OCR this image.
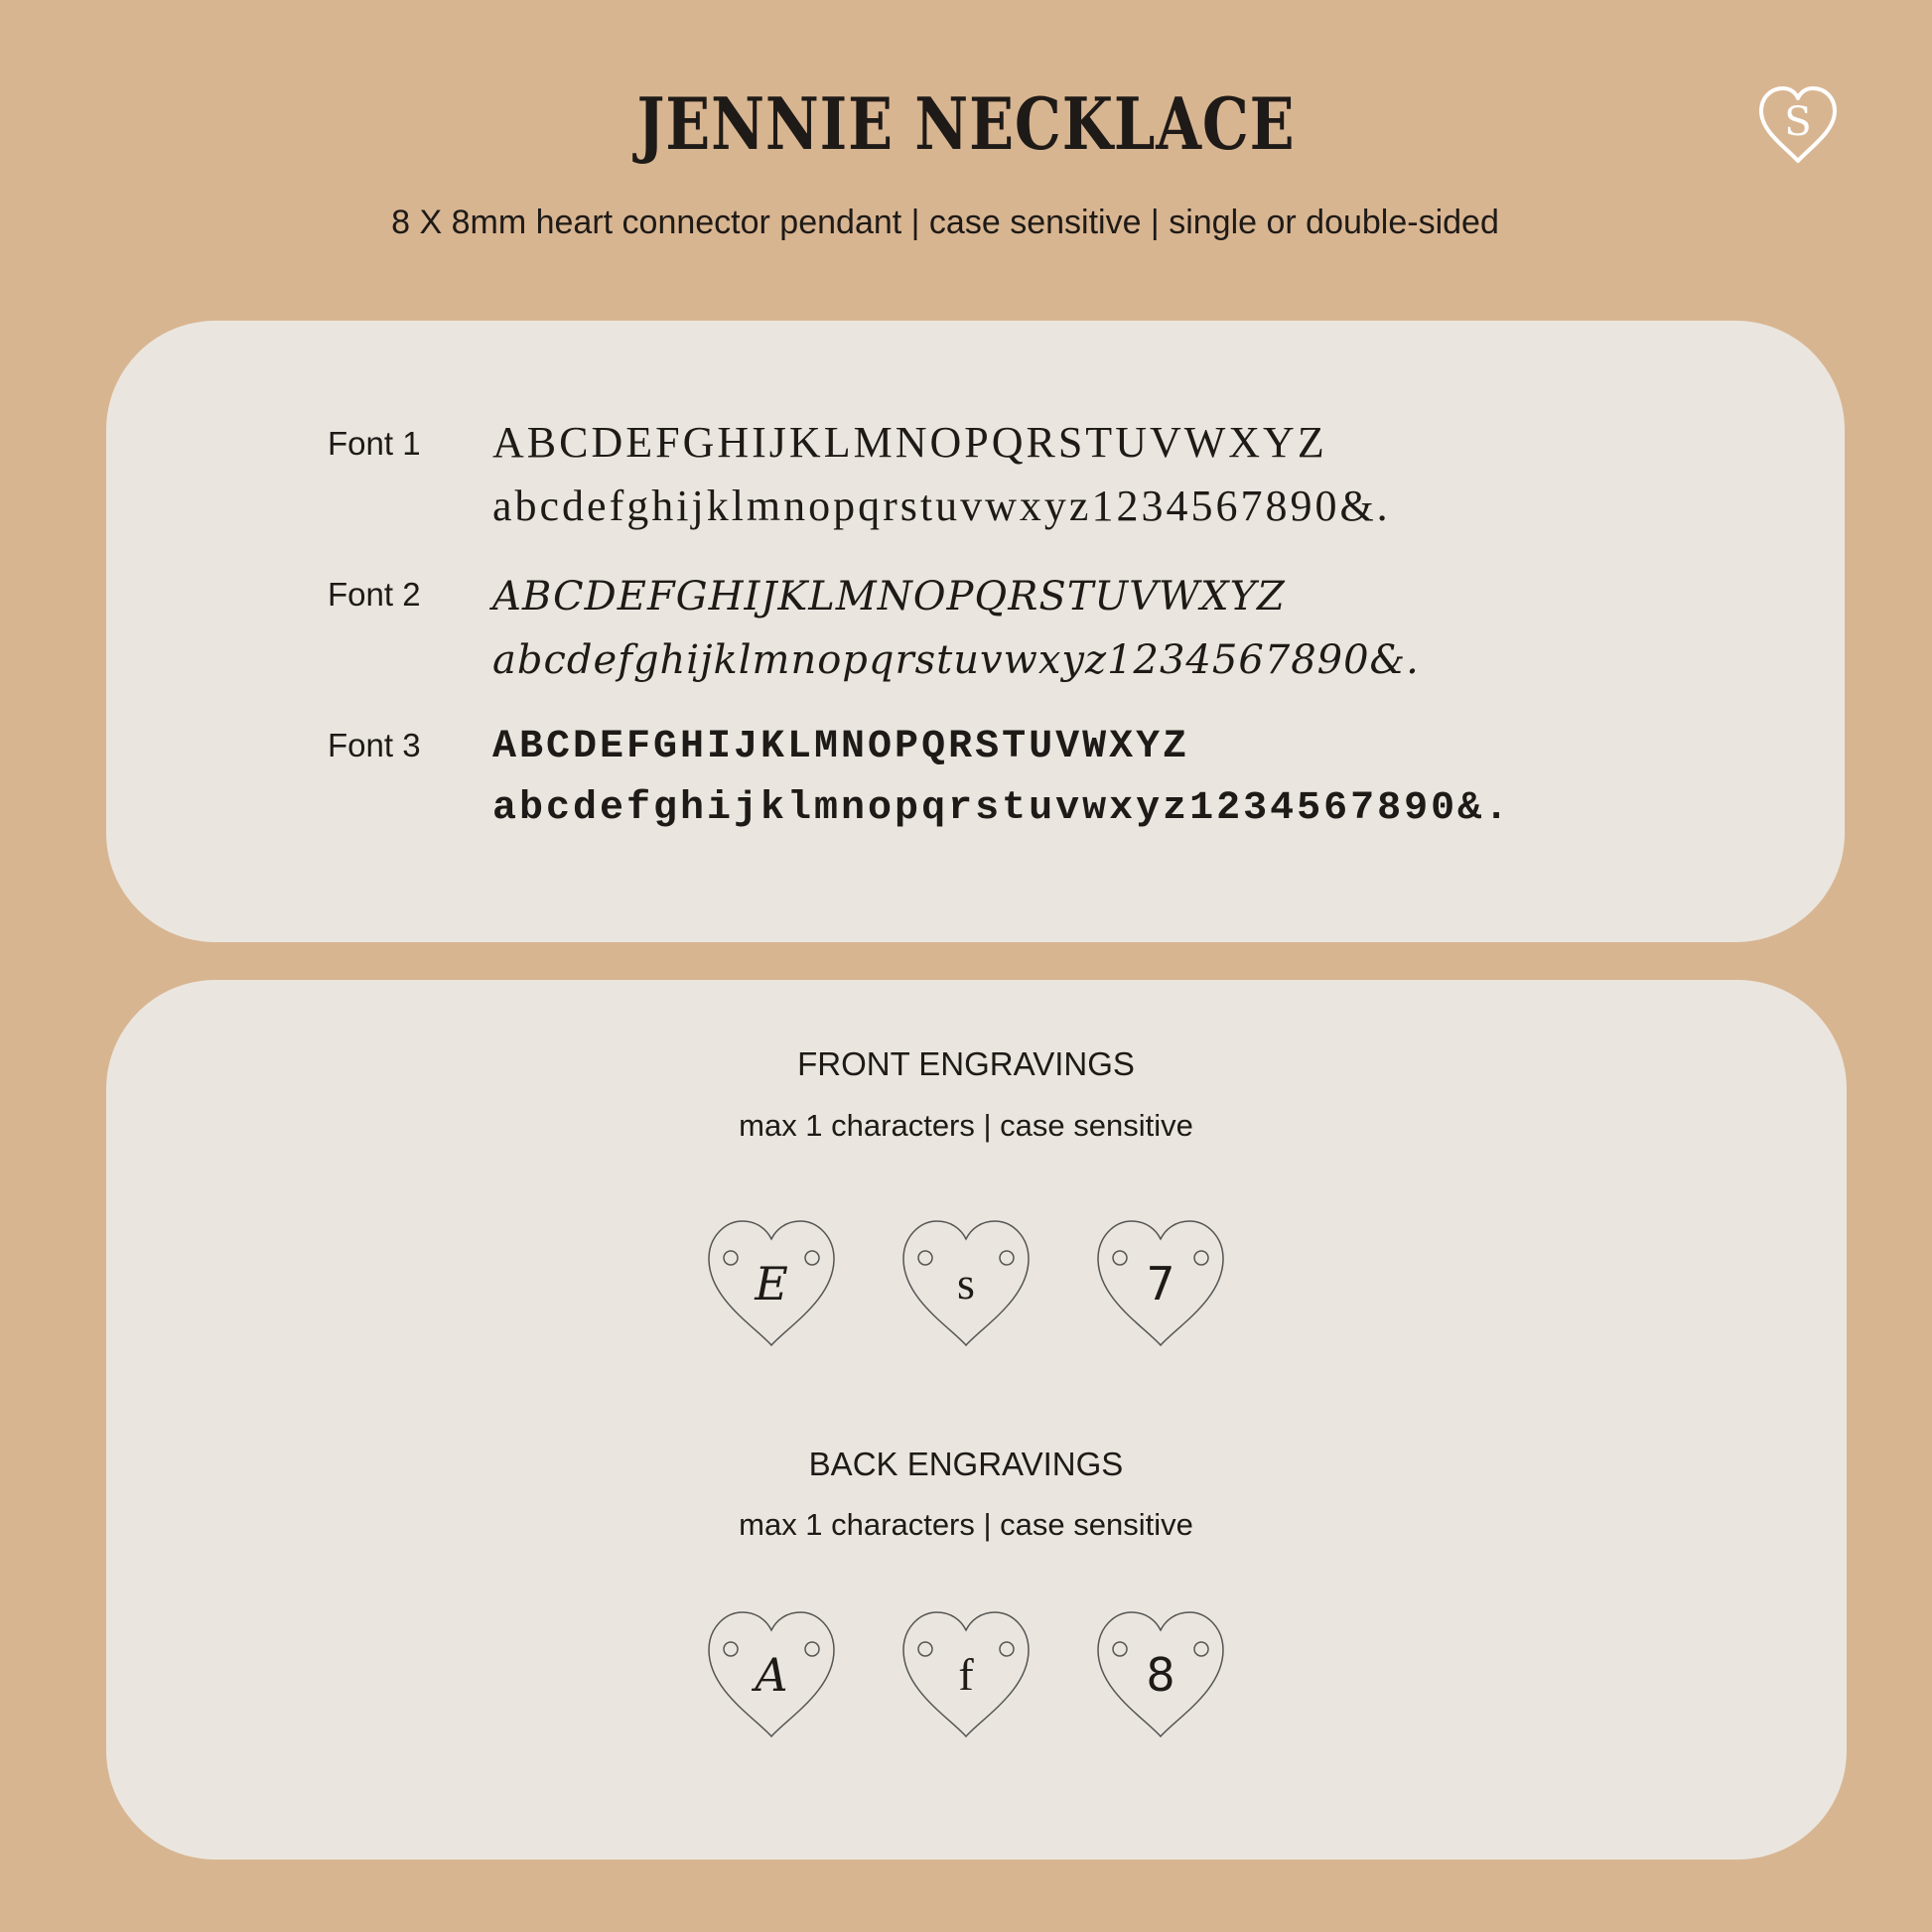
JENNIE NECKLACE
8 X 8mm heart connector pendant | case sensitive | single or double-sided
S
Font 1 ABCDEFGHIJKLMNOPQRSTUVWXYZ
abcdefghijklmnopqrstuvwxyz1234567890&.
Font 2 ABCDEFGHIJKLMNOPQRSTUVWXYZ
abcdefghijklmnopqrstuvwxyz1234567890&.
Font 3 ABCDEFGHIJKLMNOPQRSTUVWXYZ
abcdefghijklmnopqrstuvwxyz1234567890&.
FRONT ENGRAVINGS
max 1 characters | case sensitive
E	s	7
BACK ENGRAVINGS
max 1 characters | case sensitive
A	f	8
